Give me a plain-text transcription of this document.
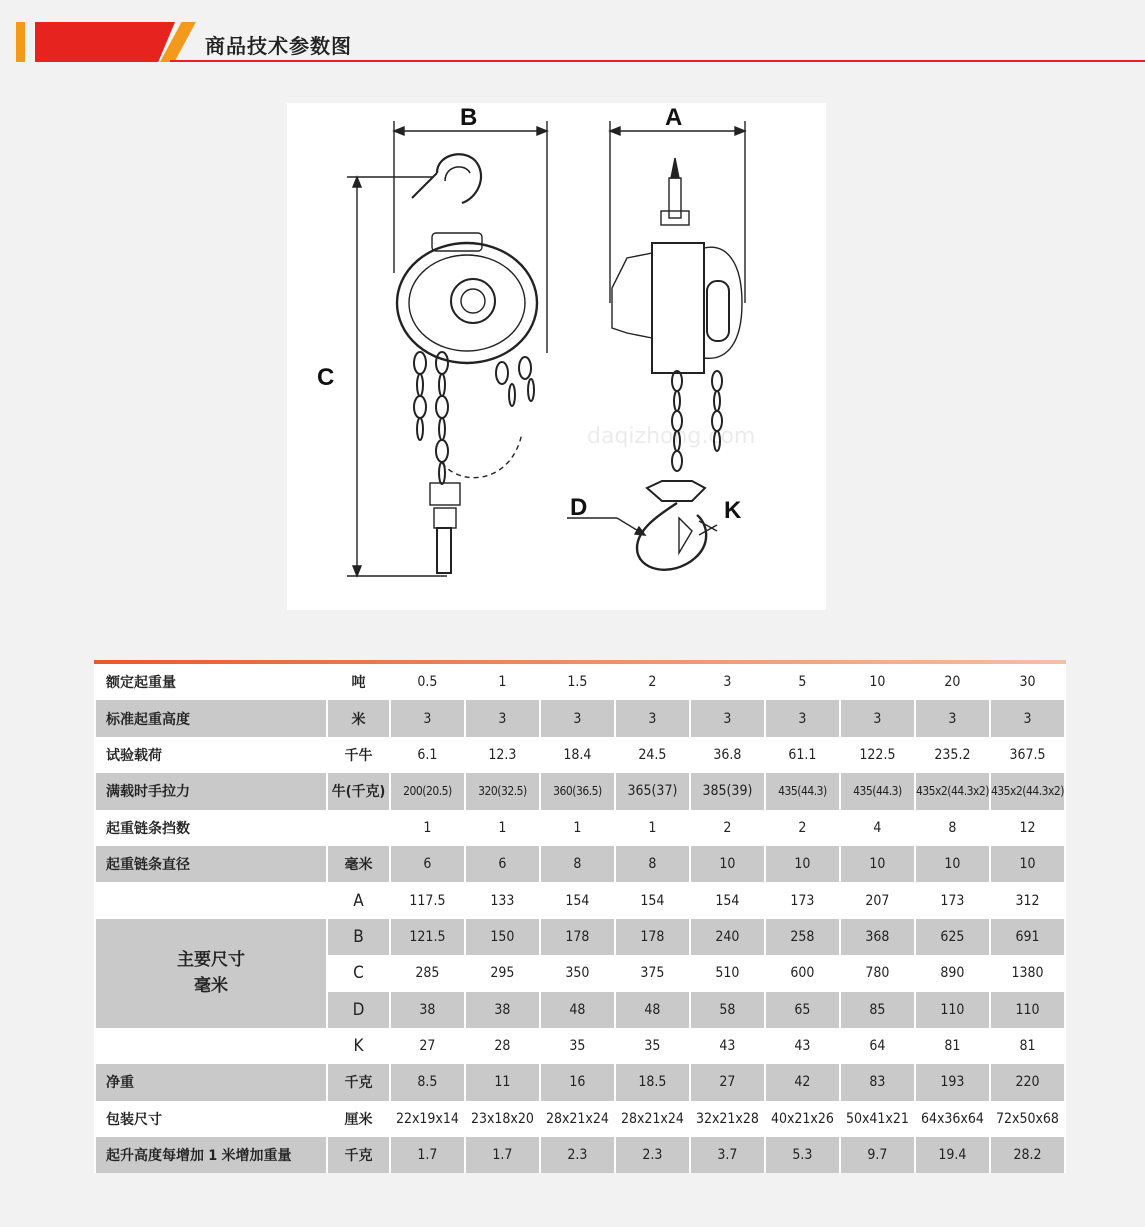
商品技术参数图
B	A
C
D	K
daqizhong.com
额定起重量	吨	0.5	1	1.5	2	3	5	10	20	30
标准起重高度	米	3	3	3	3	3	3	3	3	3
试验载荷	千牛	6.1	12.3	18.4	24.5	36.8	61.1	122.5	235.2	367.5
满载时手拉力	牛(千克)	200(20.5)	320(32.5)	360(36.5)	365(37)	385(39)	435(44.3)	435(44.3)	435x2(44.3x2)	435x2(44.3x2)
起重链条挡数		1	1	1	1	2	2	4	8	12
起重链条直径	毫米	6	6	8	8	10	10	10	10	10
	A	117.5	133	154	154	154	173	207	173	312

主要尺寸
毫米	B	121.5	150	178	178	240	258	368	625	691
	C	285	295	350	375	510	600	780	890	1380
	D	38	38	48	48	58	65	85	110	110
	K	27	28	35	35	43	43	64	81	81
净重	千克	8.5	11	16	18.5	27	42	83	193	220
包装尺寸	厘米	22x19x14	23x18x20	28x21x24	28x21x24	32x21x28	40x21x26	50x41x21	64x36x64	72x50x68
起升高度每增加 1 米增加重量	千克	1.7	1.7	2.3	2.3	3.7	5.3	9.7	19.4	28.2
